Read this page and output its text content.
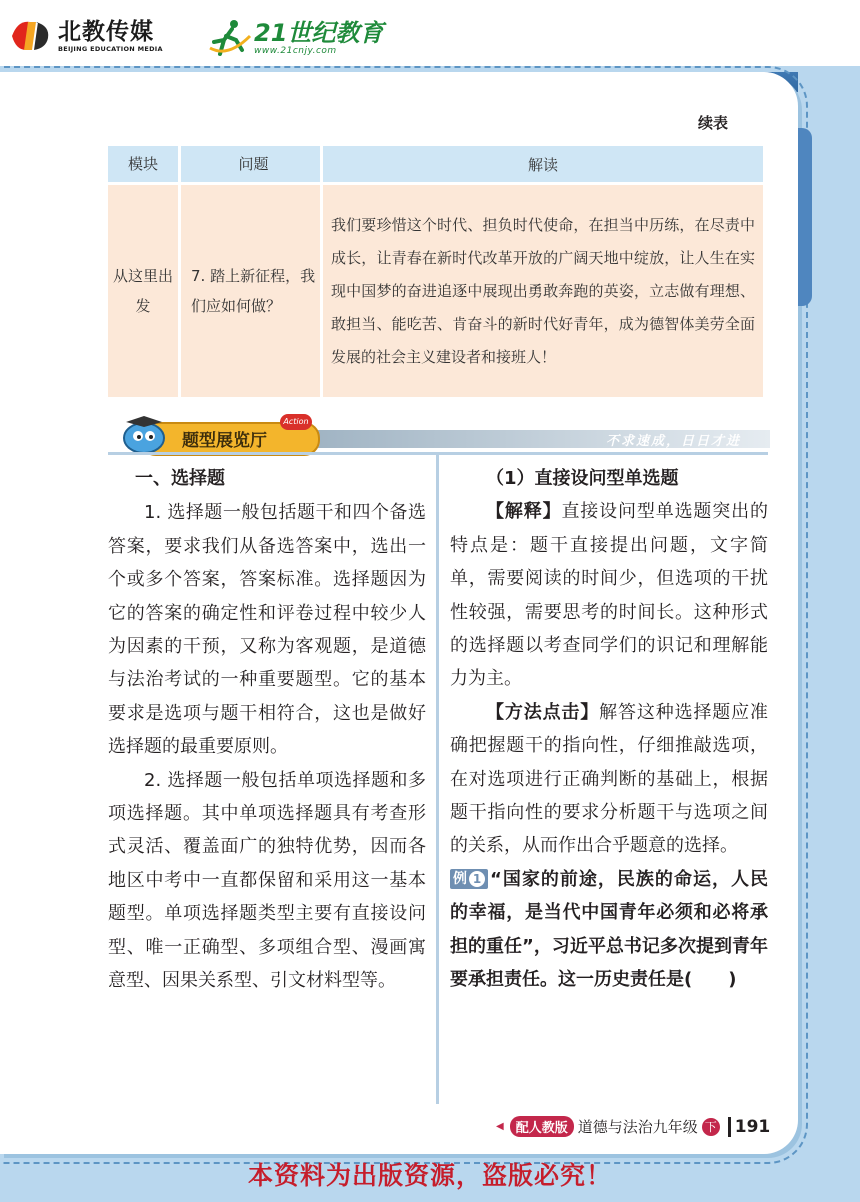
北教传媒
BEIJING EDUCATION MEDIA
21世纪教育
www.21cnjy.com
续表
模块	问题	解读
从这里出发	7. 踏上新征程，我们应如何做？	我们要珍惜这个时代、担负时代使命，在担当中历练，在尽责中成长，让青春在新时代改革开放的广阔天地中绽放，让人生在实现中国梦的奋进追逐中展现出勇敢奔跑的英姿，立志做有理想、敢担当、能吃苦、肯奋斗的新时代好青年，成为德智体美劳全面发展的社会主义建设者和接班人！
题型展览厅
Action
不求速成，日日才进

一、选择题

1. 选择题一般包括题干和四个备选答案，要求我们从备选答案中，选出一个或多个答案，答案标准。选择题因为它的答案的确定性和评卷过程中较少人为因素的干预，又称为客观题，是道德与法治考试的一种重要题型。它的基本要求是选项与题干相符合，这也是做好选择题的最重要原则。

2. 选择题一般包括单项选择题和多项选择题。其中单项选择题具有考查形式灵活、覆盖面广的独特优势，因而各地区中考中一直都保留和采用这一基本题型。单项选择题类型主要有直接设问型、唯一正确型、多项组合型、漫画寓意型、因果关系型、引文材料型等。

（1）直接设问型单选题

【解释】直接设问型单选题突出的特点是：题干直接提出问题，文字简单，需要阅读的时间少，但选项的干扰性较强，需要思考的时间长。这种形式的选择题以考查同学们的识记和理解能力为主。

【方法点击】解答这种选择题应准确把握题干的指向性，仔细推敲选项，在对选项进行正确判断的基础上，根据题干指向性的要求分析题干与选项之间的关系，从而作出合乎题意的选择。

例 1 “国家的前途，民族的命运，人民的幸福，是当代中国青年必须和必将承担的重任”，习近平总书记多次提到青年要承担责任。这一历史责任是(　　)

◀ 配人教版 道德与法治九年级 下	191
本资料为出版资源，盗版必究！
